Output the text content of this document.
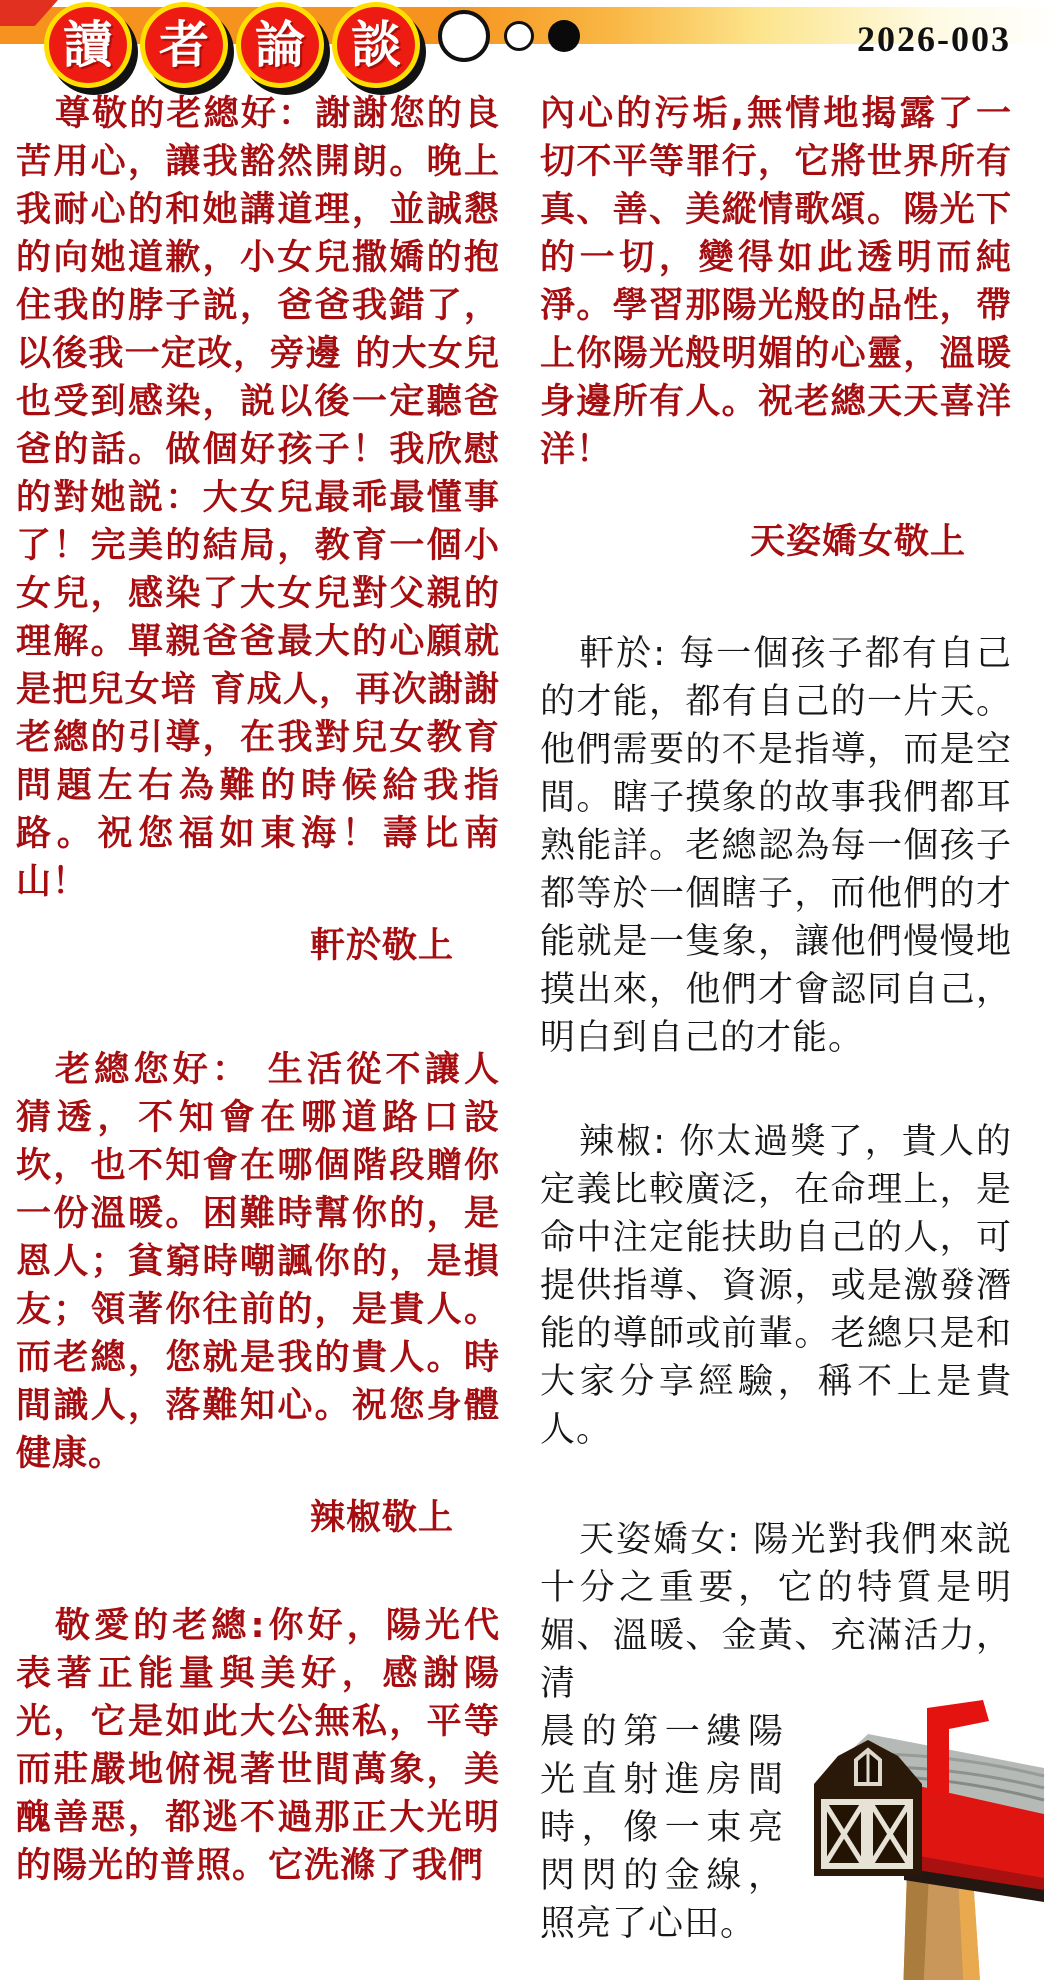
讀 者 論 談	2026-003

尊敬的老總好：謝謝您的良苦用心，讓我豁然開朗。晚上我耐心的和她講道理，並誠懇的向她道歉，小女兒撒嬌的抱住我的脖子説，爸爸我錯了，以後我一定改，旁邊 的大女兒也受到感染，説以後一定聽爸爸的話。做個好孩子！我欣慰的對她説：大女兒最乖最懂事了！完美的結局，教育一個小女兒，感染了大女兒對父親的理解。單親爸爸最大的心願就是把兒女培 育成人，再次謝謝老總的引導，在我對兒女教育問題左右為難的時候給我指路。祝您福如東海！壽比南山！

軒於敬上

老總您好： 生活從不讓人猜透，不知會在哪道路口設坎，也不知會在哪個階段贈你一份溫暖。困難時幫你的，是恩人；貧窮時嘲諷你的，是損友；領著你往前的，是貴人。而老總，您就是我的貴人。時間識人，落難知心。祝您身體健康。

辣椒敬上

敬愛的老總:你好，陽光代表著正能量與美好，感謝陽光，它是如此大公無私，平等而莊嚴地俯視著世間萬象，美醜善惡，都逃不過那正大光明的陽光的普照。它洗滌了我們

內心的污垢,無情地揭露了一切不平等罪行，它將世界所有真、善、美縱情歌頌。陽光下的一切，變得如此透明而純淨。學習那陽光般的品性，帶上你陽光般明媚的心靈，溫暖身邊所有人。祝老總天天喜洋洋！

天姿嬌女敬上

軒於: 每一個孩子都有自己的才能，都有自己的一片天。他們需要的不是指導，而是空間。瞎子摸象的故事我們都耳熟能詳。老總認為每一個孩子都等於一個瞎子，而他們的才能就是一隻象，讓他們慢慢地摸出來，他們才會認同自己，明白到自己的才能。

辣椒: 你太過獎了，貴人的定義比較廣泛，在命理上，是命中注定能扶助自己的人，可提供指導、資源，或是激發潛能的導師或前輩。老總只是和大家分享經驗，稱不上是貴人。

天姿嬌女: 陽光對我們來説十分之重要，它的特質是明媚、溫暖、金黃、充滿活力，清

晨的第一縷陽光直射進房間時，像一束亮閃閃的金線，照亮了心田。
